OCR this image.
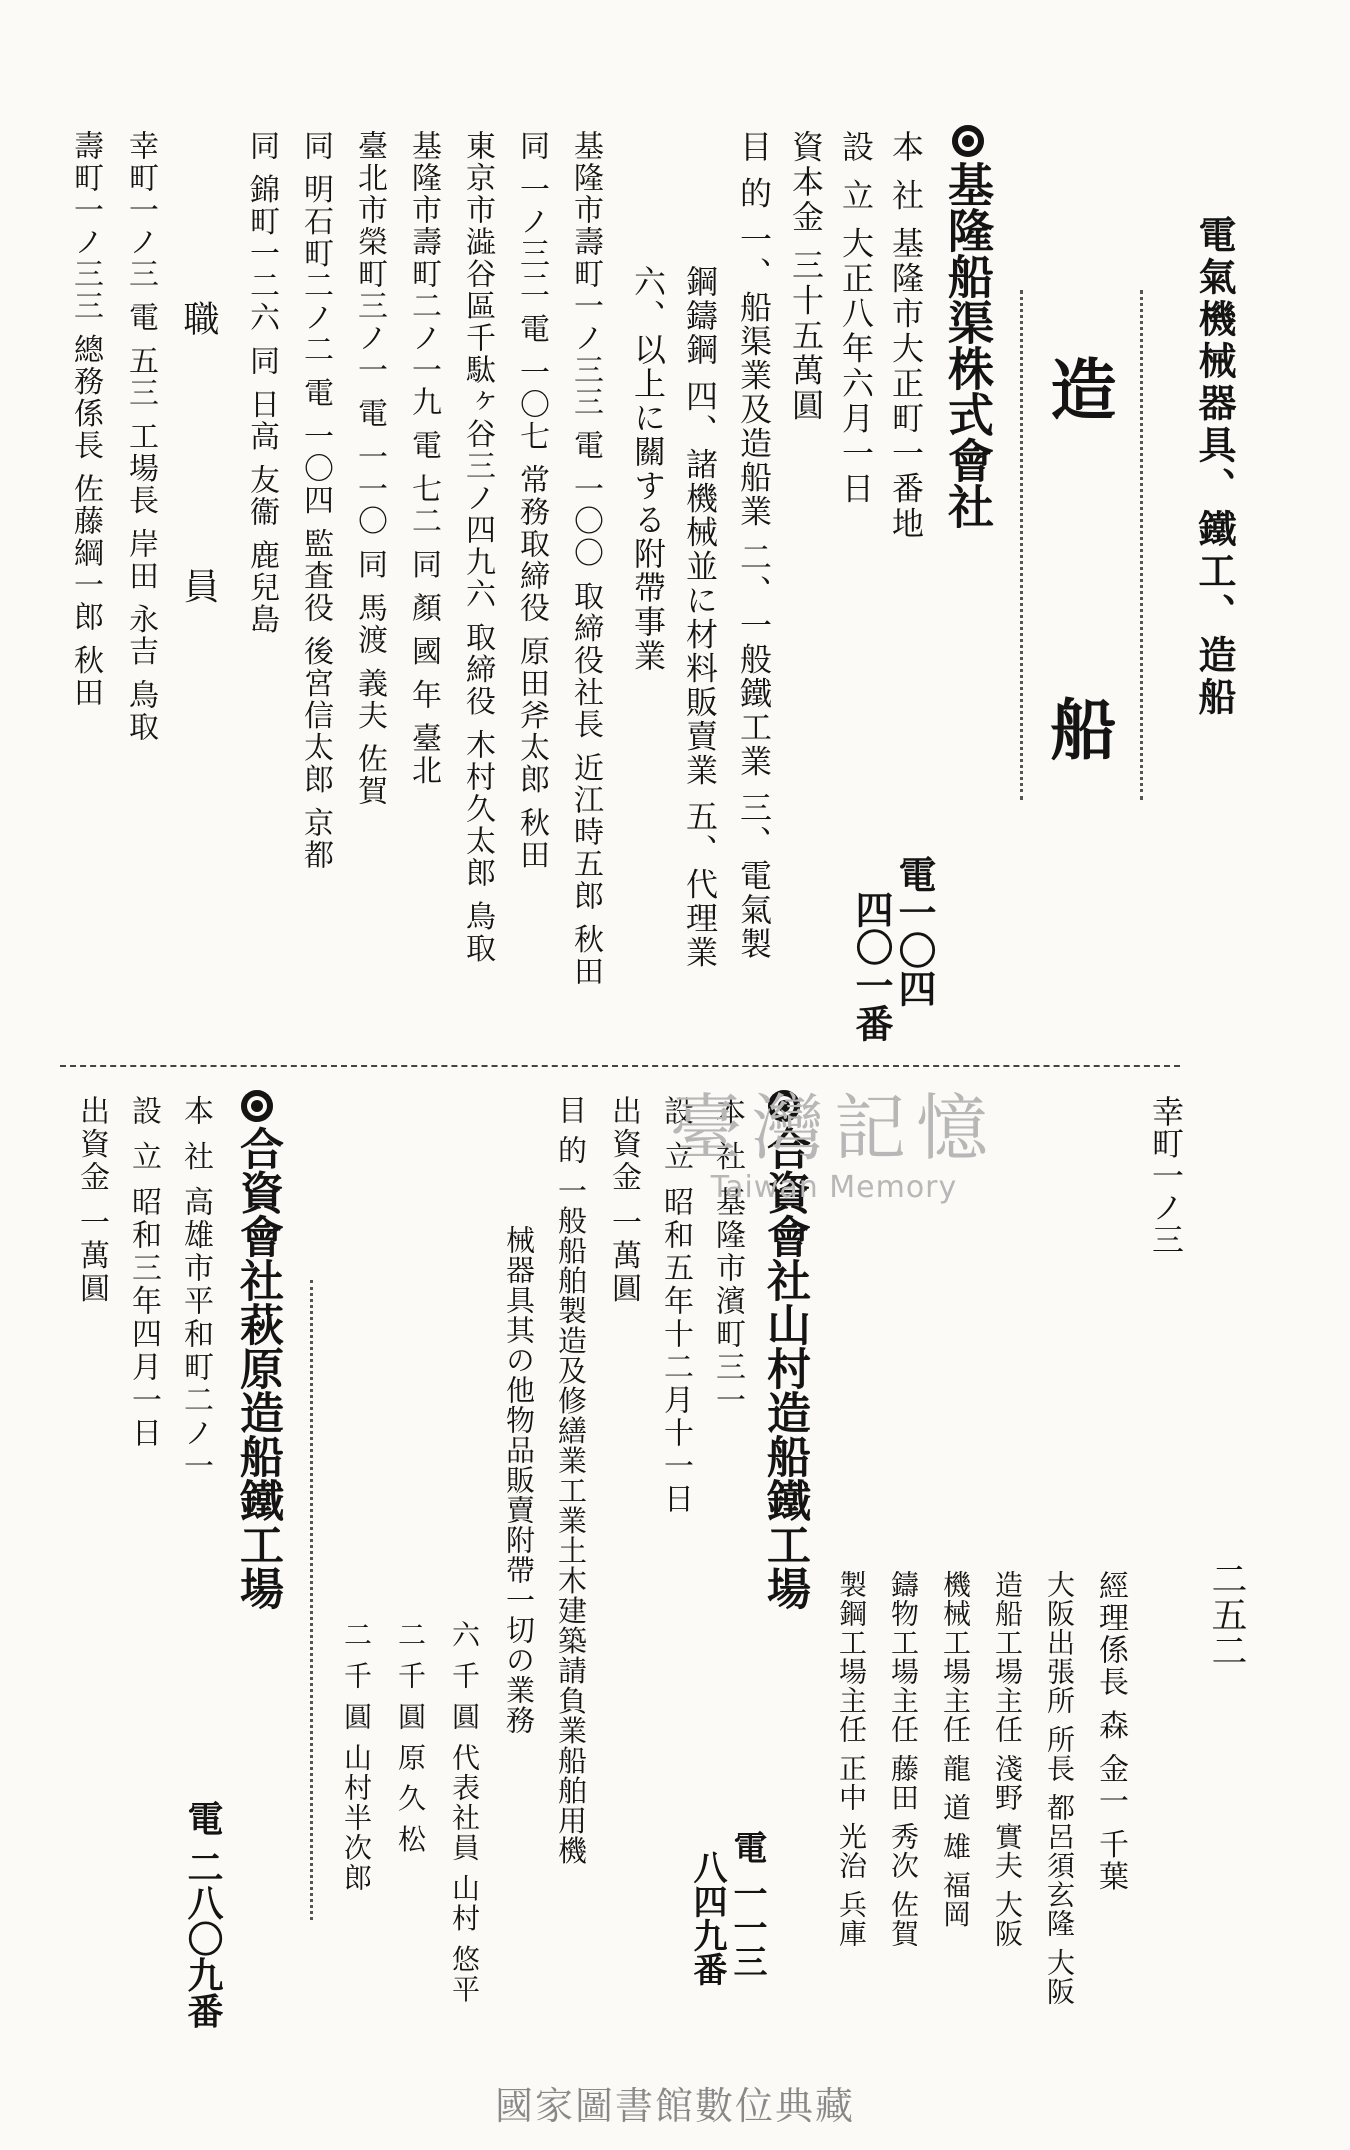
電氣機械器具、鐵工、造船
造
船
二五二
基隆船渠株式會社
電一〇四
四〇一番
本 社 基隆市大正町一番地
設 立 大正八年六月一日
資本金 三十五萬圓
目 的 一、船渠業及造船業 二、一般鐵工業 三、電氣製
鋼鑄鋼 四、諸機械並に材料販賣業 五、代理業
六、以上に關する附帶事業
基隆市壽町一ノ三三 電 一〇〇 取締役社長 近江時五郎 秋田
同 一ノ三二 電 一〇七 常務取締役 原田斧太郎 秋田
東京市澁谷區千駄ヶ谷三ノ四九六 取締役 木村久太郎 鳥取
基隆市壽町二ノ一九 電 七二 同 顏 國 年 臺北
臺北市榮町三ノ一 電 一一〇 同 馬渡 義夫 佐賀
同 明石町二ノ二 電 一〇四 監査役 後宮信太郎 京都
同 錦町一二六 同 日高 友衞 鹿兒島
職 員
幸町一ノ三 電 五三 工場長 岸田 永吉 鳥取
壽町一ノ三三 總務係長 佐藤綱一郎 秋田
幸町一ノ三
經理係長 森 金一 千葉
大阪出張所 所長 都呂須玄隆 大阪
造船工場主任 淺野 實夫 大阪
機械工場主任 龍 道 雄 福岡
鑄物工場主任 藤田 秀次 佐賀
製鋼工場主任 正中 光治 兵庫
合資會社山村造船鐵工場
電 一一三
八四九番
本 社 基隆市濱町三一
設 立 昭和五年十二月十一日
出資金 一萬圓
目 的 一般船舶製造及修繕業工業土木建築請負業船舶用機
械器具其の他物品販賣附帶一切の業務
六 千 圓 代表社員 山村 悠平
二 千 圓 原 久 松
二 千 圓 山村半次郎
合資會社萩原造船鐵工場
電 二八〇九番
本 社 高雄市平和町二ノ一
設 立 昭和三年四月一日
出資金 一萬圓	臺灣記憶
Taiwan Memory
國家圖書館數位典藏
